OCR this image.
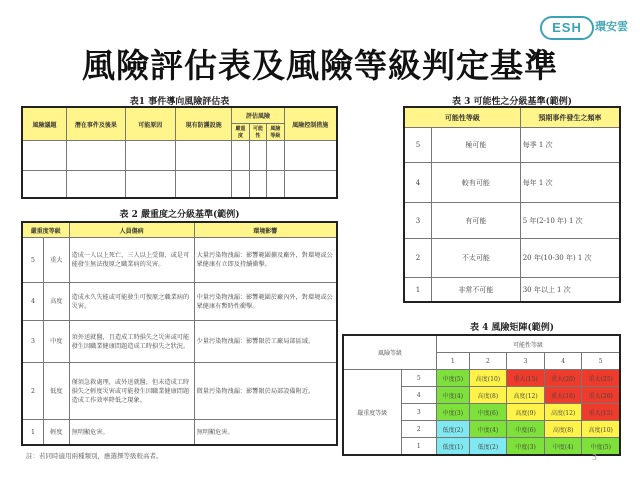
風險評估表及風險等級判定基準
ESH	環安雲
表1 事件導向風險評估表
風險議題	潛在事件及後果	可能原因	現有防護設施	評估風險			風險控制措施
				嚴重度	可能性	風險等級	

表 2 嚴重度之分級基準(範例)
嚴重度等級		人員傷病	環境影響
5	重大	造成一人以上死亡、三人以上受傷、或是可能發生無法復原之職業病的災害。	大量污染物洩漏：影響範圍擴及廠外，對環境或公眾健康有立即及持續衝擊。
4	高度	造成永久失能或可能發生可復原之職業病的災害。	中量污染物洩漏：影響範圍於廠內外，對環境或公眾健康有暫時性衝擊。
3	中度	須外送就醫，且造成工時損失之災害或可能發生因職業健康問題造成工時損失之狀況。	少量污染物洩漏：影響限於工廠局部區域。
2	低度	僅須急救處理，或外送就醫，但未造成工時損失之輕度災害或可能發生因職業健康問題造成工作效率降低之現象。	微量污染物洩漏：影響限於局部設備附近。
1	輕度	無明顯危害。	無明顯危害。
註：若同時適用兩種類別，應選擇等級較高者。
表 3 可能性之分級基準(範例)
可能性等級		預期事件發生之頻率
5	極可能	每季 1 次
4	較有可能	每年 1 次
3	有可能	5 年(2-10 年) 1 次
2	不太可能	20 年(10-30 年) 1 次
1	非常不可能	30 年以上 1 次
表 4 風險矩陣(範例)
風險等級		可能性等級				
		1	2	3	4	5
嚴重度等級	5	中度(5)	高度(10)	重大(15)	重大(20)	重大(25)
	4	中度(4)	高度(8)	高度(12)	重大(16)	重大(20)
	3	中度(3)	中度(6)	高度(9)	高度(12)	重大(15)
	2	低度(2)	中度(4)	中度(6)	高度(8)	高度(10)
	1	低度(1)	低度(2)	中度(3)	中度(4)	中度(5)
3
